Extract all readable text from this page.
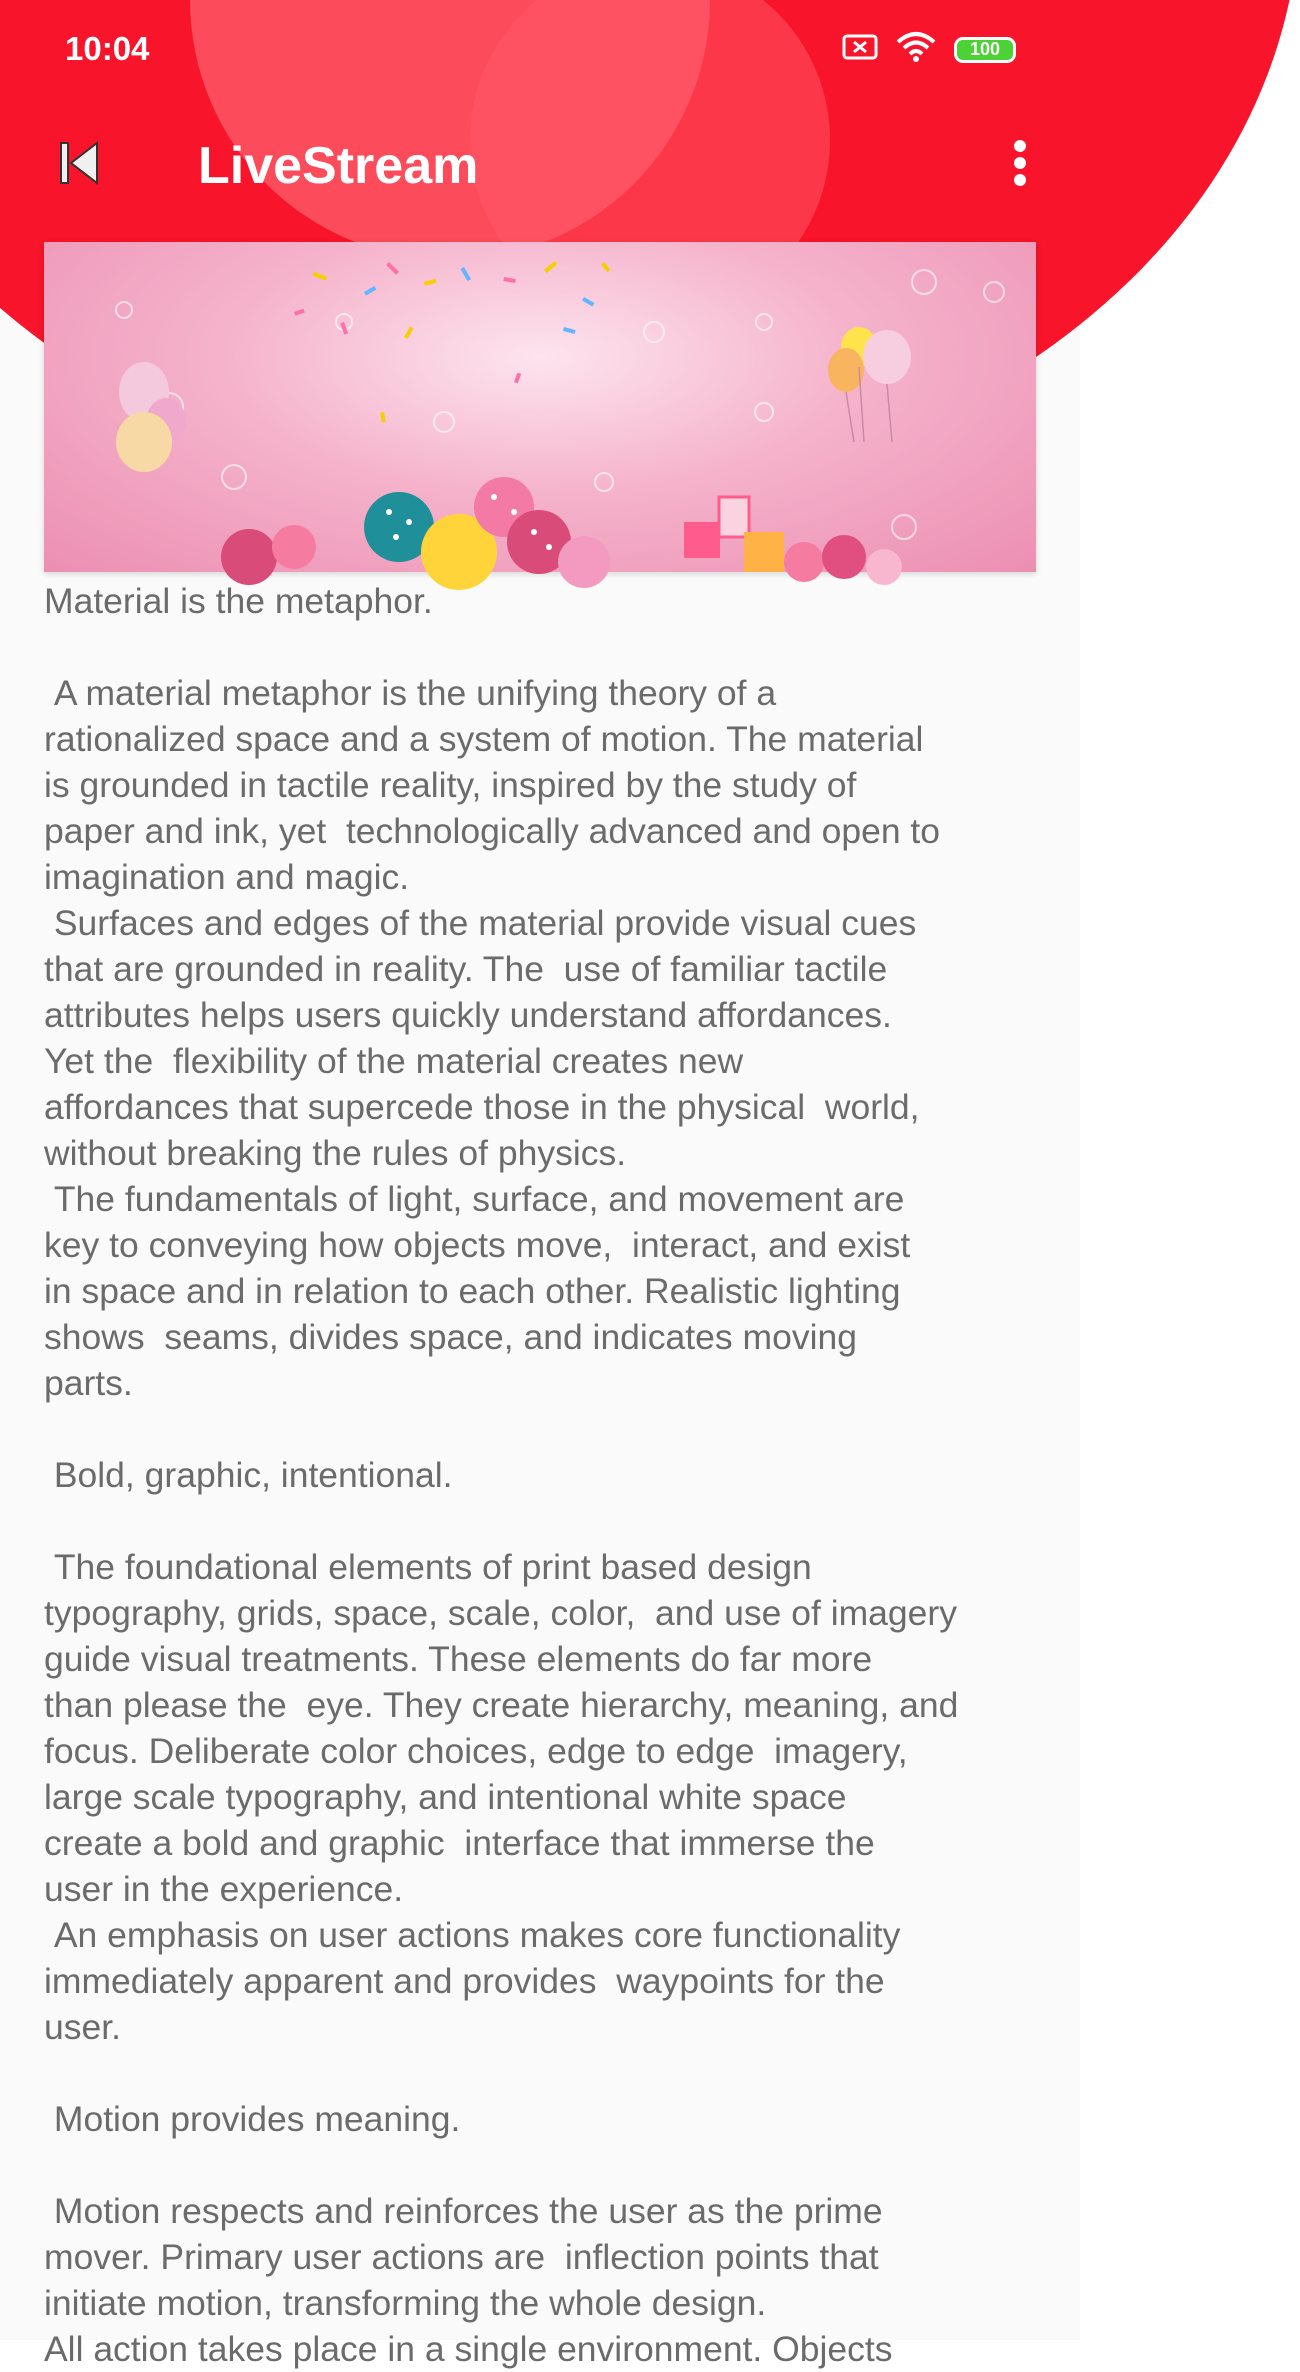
10:04	100
LiveStream

Material is the metaphor.

A material metaphor is the unifying theory of a
rationalized space and a system of motion. The material
is grounded in tactile reality, inspired by the study of
paper and ink, yet  technologically advanced and open to
imagination and magic.
Surfaces and edges of the material provide visual cues
that are grounded in reality. The  use of familiar tactile
attributes helps users quickly understand affordances.
Yet the  flexibility of the material creates new
affordances that supercede those in the physical  world,
without breaking the rules of physics.
The fundamentals of light, surface, and movement are
key to conveying how objects move,  interact, and exist
in space and in relation to each other. Realistic lighting
shows  seams, divides space, and indicates moving
parts.

Bold, graphic, intentional.

The foundational elements of print based design
typography, grids, space, scale, color,  and use of imagery
guide visual treatments. These elements do far more
than please the  eye. They create hierarchy, meaning, and
focus. Deliberate color choices, edge to edge  imagery,
large scale typography, and intentional white space
create a bold and graphic  interface that immerse the
user in the experience.
An emphasis on user actions makes core functionality
immediately apparent and provides  waypoints for the
user.

Motion provides meaning.

Motion respects and reinforces the user as the prime
mover. Primary user actions are  inflection points that
initiate motion, transforming the whole design.
All action takes place in a single environment. Objects
